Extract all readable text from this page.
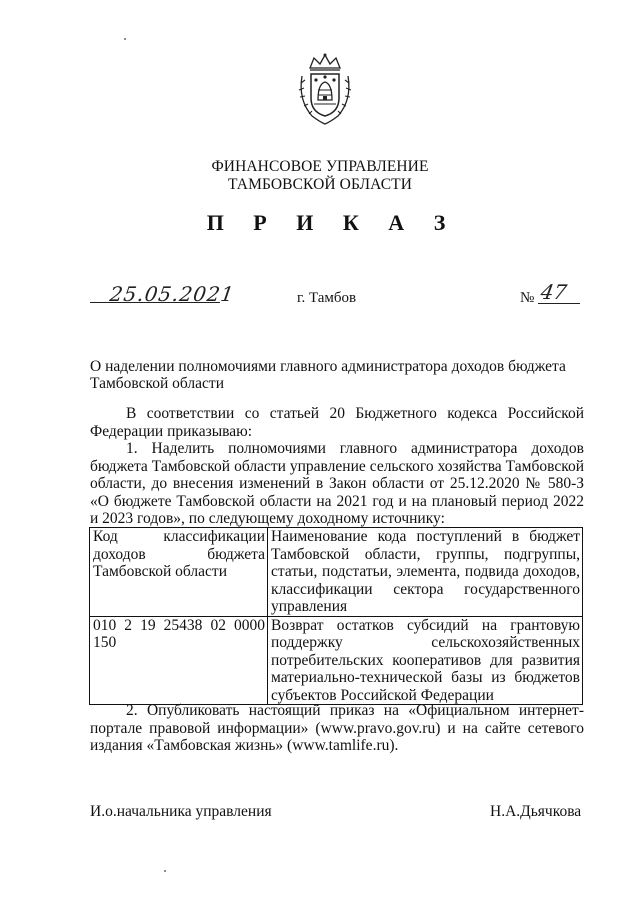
ФИНАНСОВОЕ УПРАВЛЕНИЕ
ТАМБОВСКОЙ ОБЛАСТИ
П Р И К А З
25.05.2021	г. Тамбов	№ 47
О наделении полномочиями главного администратора доходов бюджета Тамбовской области
В соответствии со статьей 20 Бюджетного кодекса Российской Федерации приказываю:
1. Наделить полномочиями главного администратора доходов бюджета Тамбовской области управление сельского хозяйства Тамбовской области, до внесения изменений в Закон области от 25.12.2020 № 580-З «О бюджете Тамбовской области на 2021 год и на плановый период 2022 и 2023 годов», по следующему доходному источнику:
Код классификации доходов бюджета Тамбовской области	Наименование кода поступлений в бюджет Тамбовской области, группы, подгруппы, статьи, подстатьи, элемента, подвида доходов, классификации сектора государственного управления
010 2 19 25438 02 0000 150	Возврат остатков субсидий на грантовую поддержку сельскохозяйственных потребительских кооперативов для развития материально-технической базы из бюджетов субъектов Российской Федерации
2. Опубликовать настоящий приказ на «Официальном интернет-портале правовой информации» (www.pravo.gov.ru) и на сайте сетевого издания «Тамбовская жизнь» (www.tamlife.ru).
И.о.начальника управления	Н.А.Дьячкова
